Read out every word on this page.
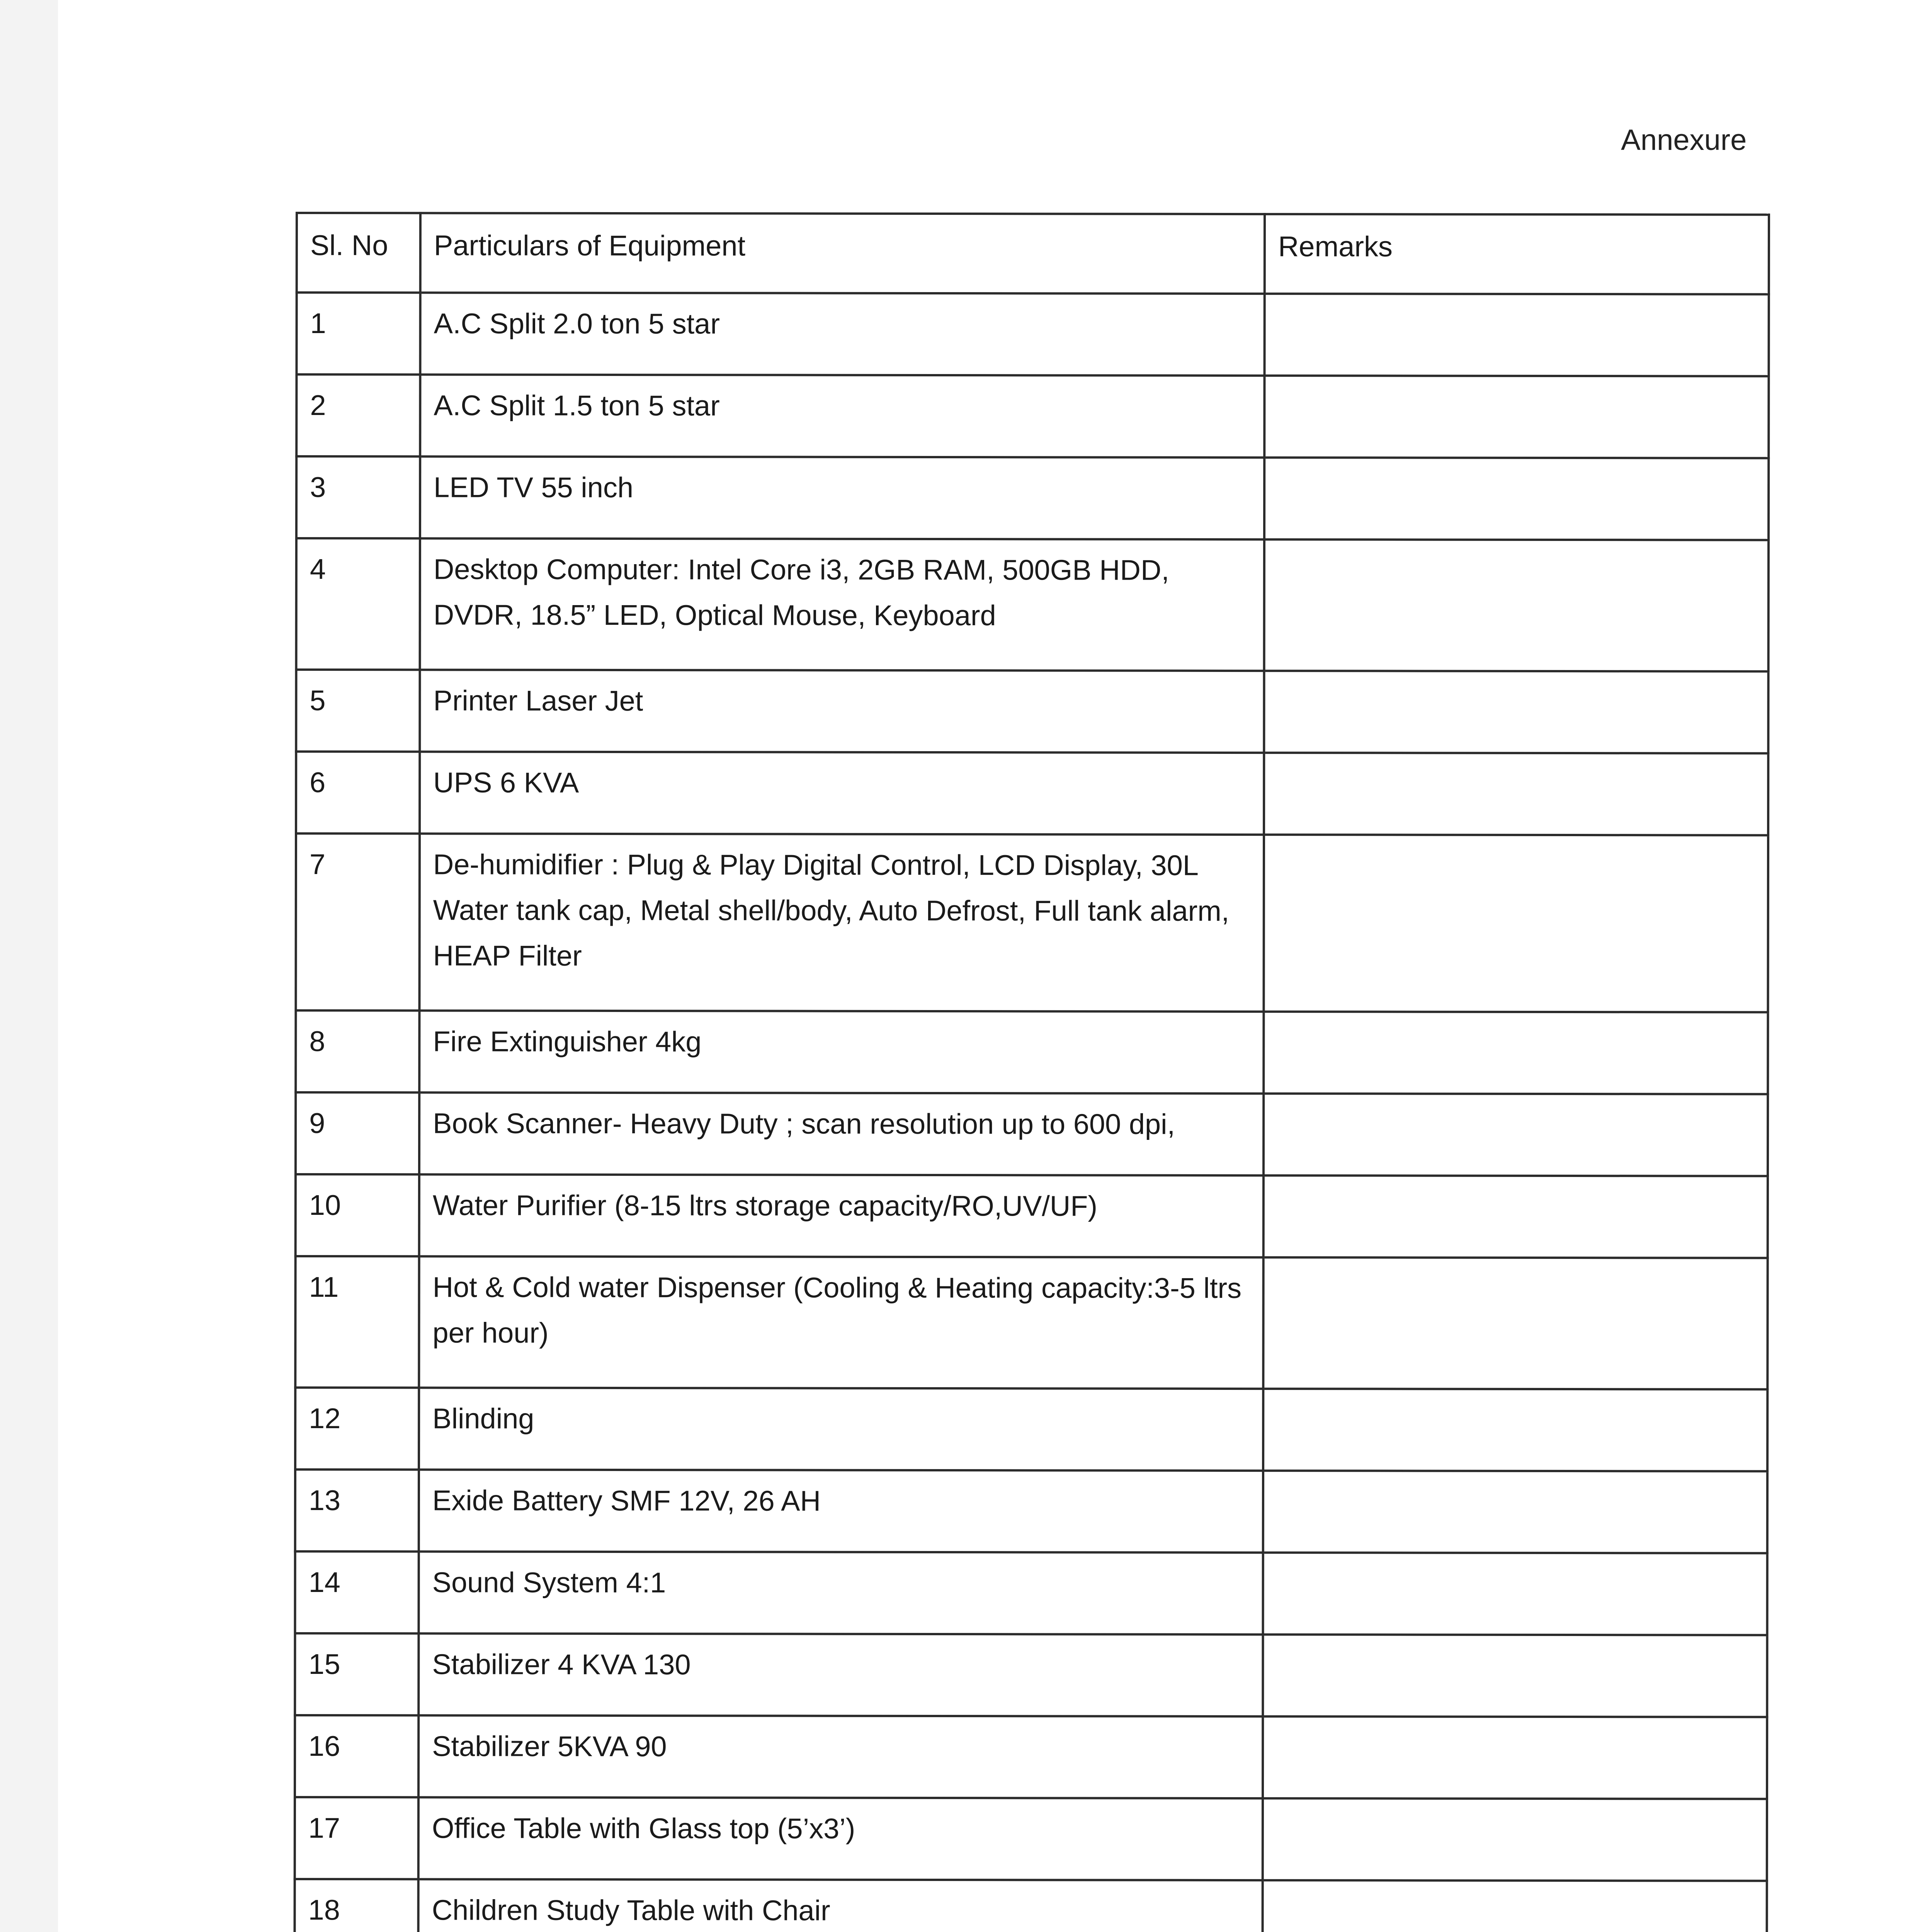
Annexure
Sl. No	Particulars of Equipment	Remarks
1	A.C Split 2.0 ton 5 star	
2	A.C Split 1.5 ton 5 star	
3	LED TV 55 inch	
4	Desktop Computer: Intel Core i3, 2GB RAM, 500GB HDD, DVDR, 18.5” LED, Optical Mouse, Keyboard	
5	Printer Laser Jet	
6	UPS 6 KVA	
7	De-humidifier : Plug & Play Digital Control, LCD Display, 30L Water tank cap, Metal shell/body, Auto Defrost, Full tank alarm, HEAP Filter	
8	Fire Extinguisher 4kg	
9	Book Scanner- Heavy Duty ; scan resolution up to 600 dpi,	
10	Water Purifier (8-15 ltrs storage capacity/RO,UV/UF)	
11	Hot & Cold water Dispenser (Cooling & Heating capacity:3-5 ltrs per hour)	
12	Blinding	
13	Exide Battery SMF 12V, 26 AH	
14	Sound System 4:1	
15	Stabilizer 4 KVA 130	
16	Stabilizer 5KVA 90	
17	Office Table with Glass top (5’x3’)	
18	Children Study Table with Chair	
